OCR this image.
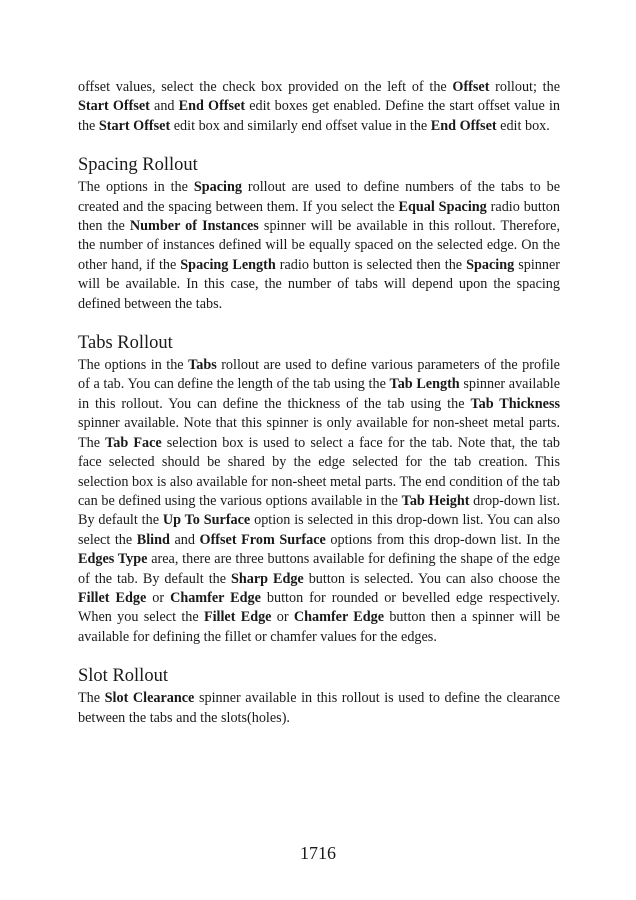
offset values, select the check box provided on the left of the Offset rollout; the Start Offset and End Offset edit boxes get enabled. Define the start offset value in the Start Offset edit box and similarly end offset value in the End Offset edit box.

Spacing Rollout

The options in the Spacing rollout are used to define numbers of the tabs to be created and the spacing between them. If you select the Equal Spacing radio button then the Number of Instances spinner will be available in this rollout. Therefore, the number of instances defined will be equally spaced on the selected edge. On the other hand, if the Spacing Length radio button is selected then the Spacing spinner will be available. In this case, the number of tabs will depend upon the spacing defined between the tabs.

Tabs Rollout

The options in the Tabs rollout are used to define various parameters of the profile of a tab. You can define the length of the tab using the Tab Length spinner available in this rollout. You can define the thickness of the tab using the Tab Thickness spinner available. Note that this spinner is only available for non-sheet metal parts. The Tab Face selection box is used to select a face for the tab. Note that, the tab face selected should be shared by the edge selected for the tab creation. This selection box is also available for non-sheet metal parts. The end condition of the tab can be defined using the various options available in the Tab Height drop-down list. By default the Up To Surface option is selected in this drop-down list. You can also select the Blind and Offset From Surface options from this drop-down list. In the Edges Type area, there are three buttons available for defining the shape of the edge of the tab. By default the Sharp Edge button is selected. You can also choose the Fillet Edge or Chamfer Edge button for rounded or bevelled edge respectively. When you select the Fillet Edge or Chamfer Edge button then a spinner will be available for defining the fillet or chamfer values for the edges.

Slot Rollout

The Slot Clearance spinner available in this rollout is used to define the clearance between the tabs and the slots(holes).

1716
